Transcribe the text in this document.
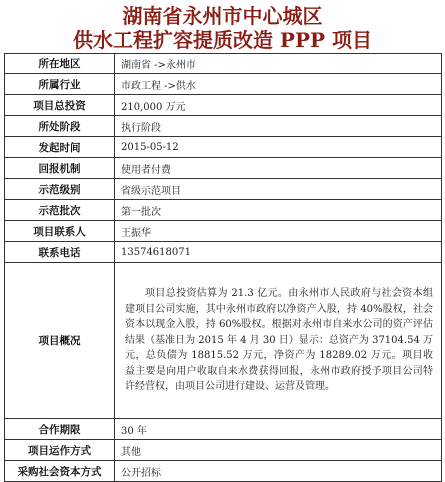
湖南省永州市中心城区
供水工程扩容提质改造 PPP 项目
所在地区	湖南省 ->永州市
所属行业	市政工程 ->供水
项目总投资	210,000 万元
所处阶段	执行阶段
发起时间	2015-05-12
回报机制	使用者付费
示范级别	省级示范项目
示范批次	第一批次
项目联系人	王振华
联系电话	13574618071
项目概况	项目总投资估算为 21.3 亿元。由永州市人民政府与社会资本组建项目公司实施，其中永州市政府以净资产入股，持 40%股权，社会资本以现金入股，持 60%股权。根据对永州市自来水公司的资产评估结果（基准日为 2015 年 4 月 30 日）显示：总资产为 37104.54 万元，总负债为 18815.52 万元，净资产为 18289.02 万元。项目收益主要是向用户收取自来水费获得回报，永州市政府授予项目公司特许经营权，由项目公司进行建设、运营及管理。
合作期限	30 年
项目运作方式	其他
采购社会资本方式	公开招标
